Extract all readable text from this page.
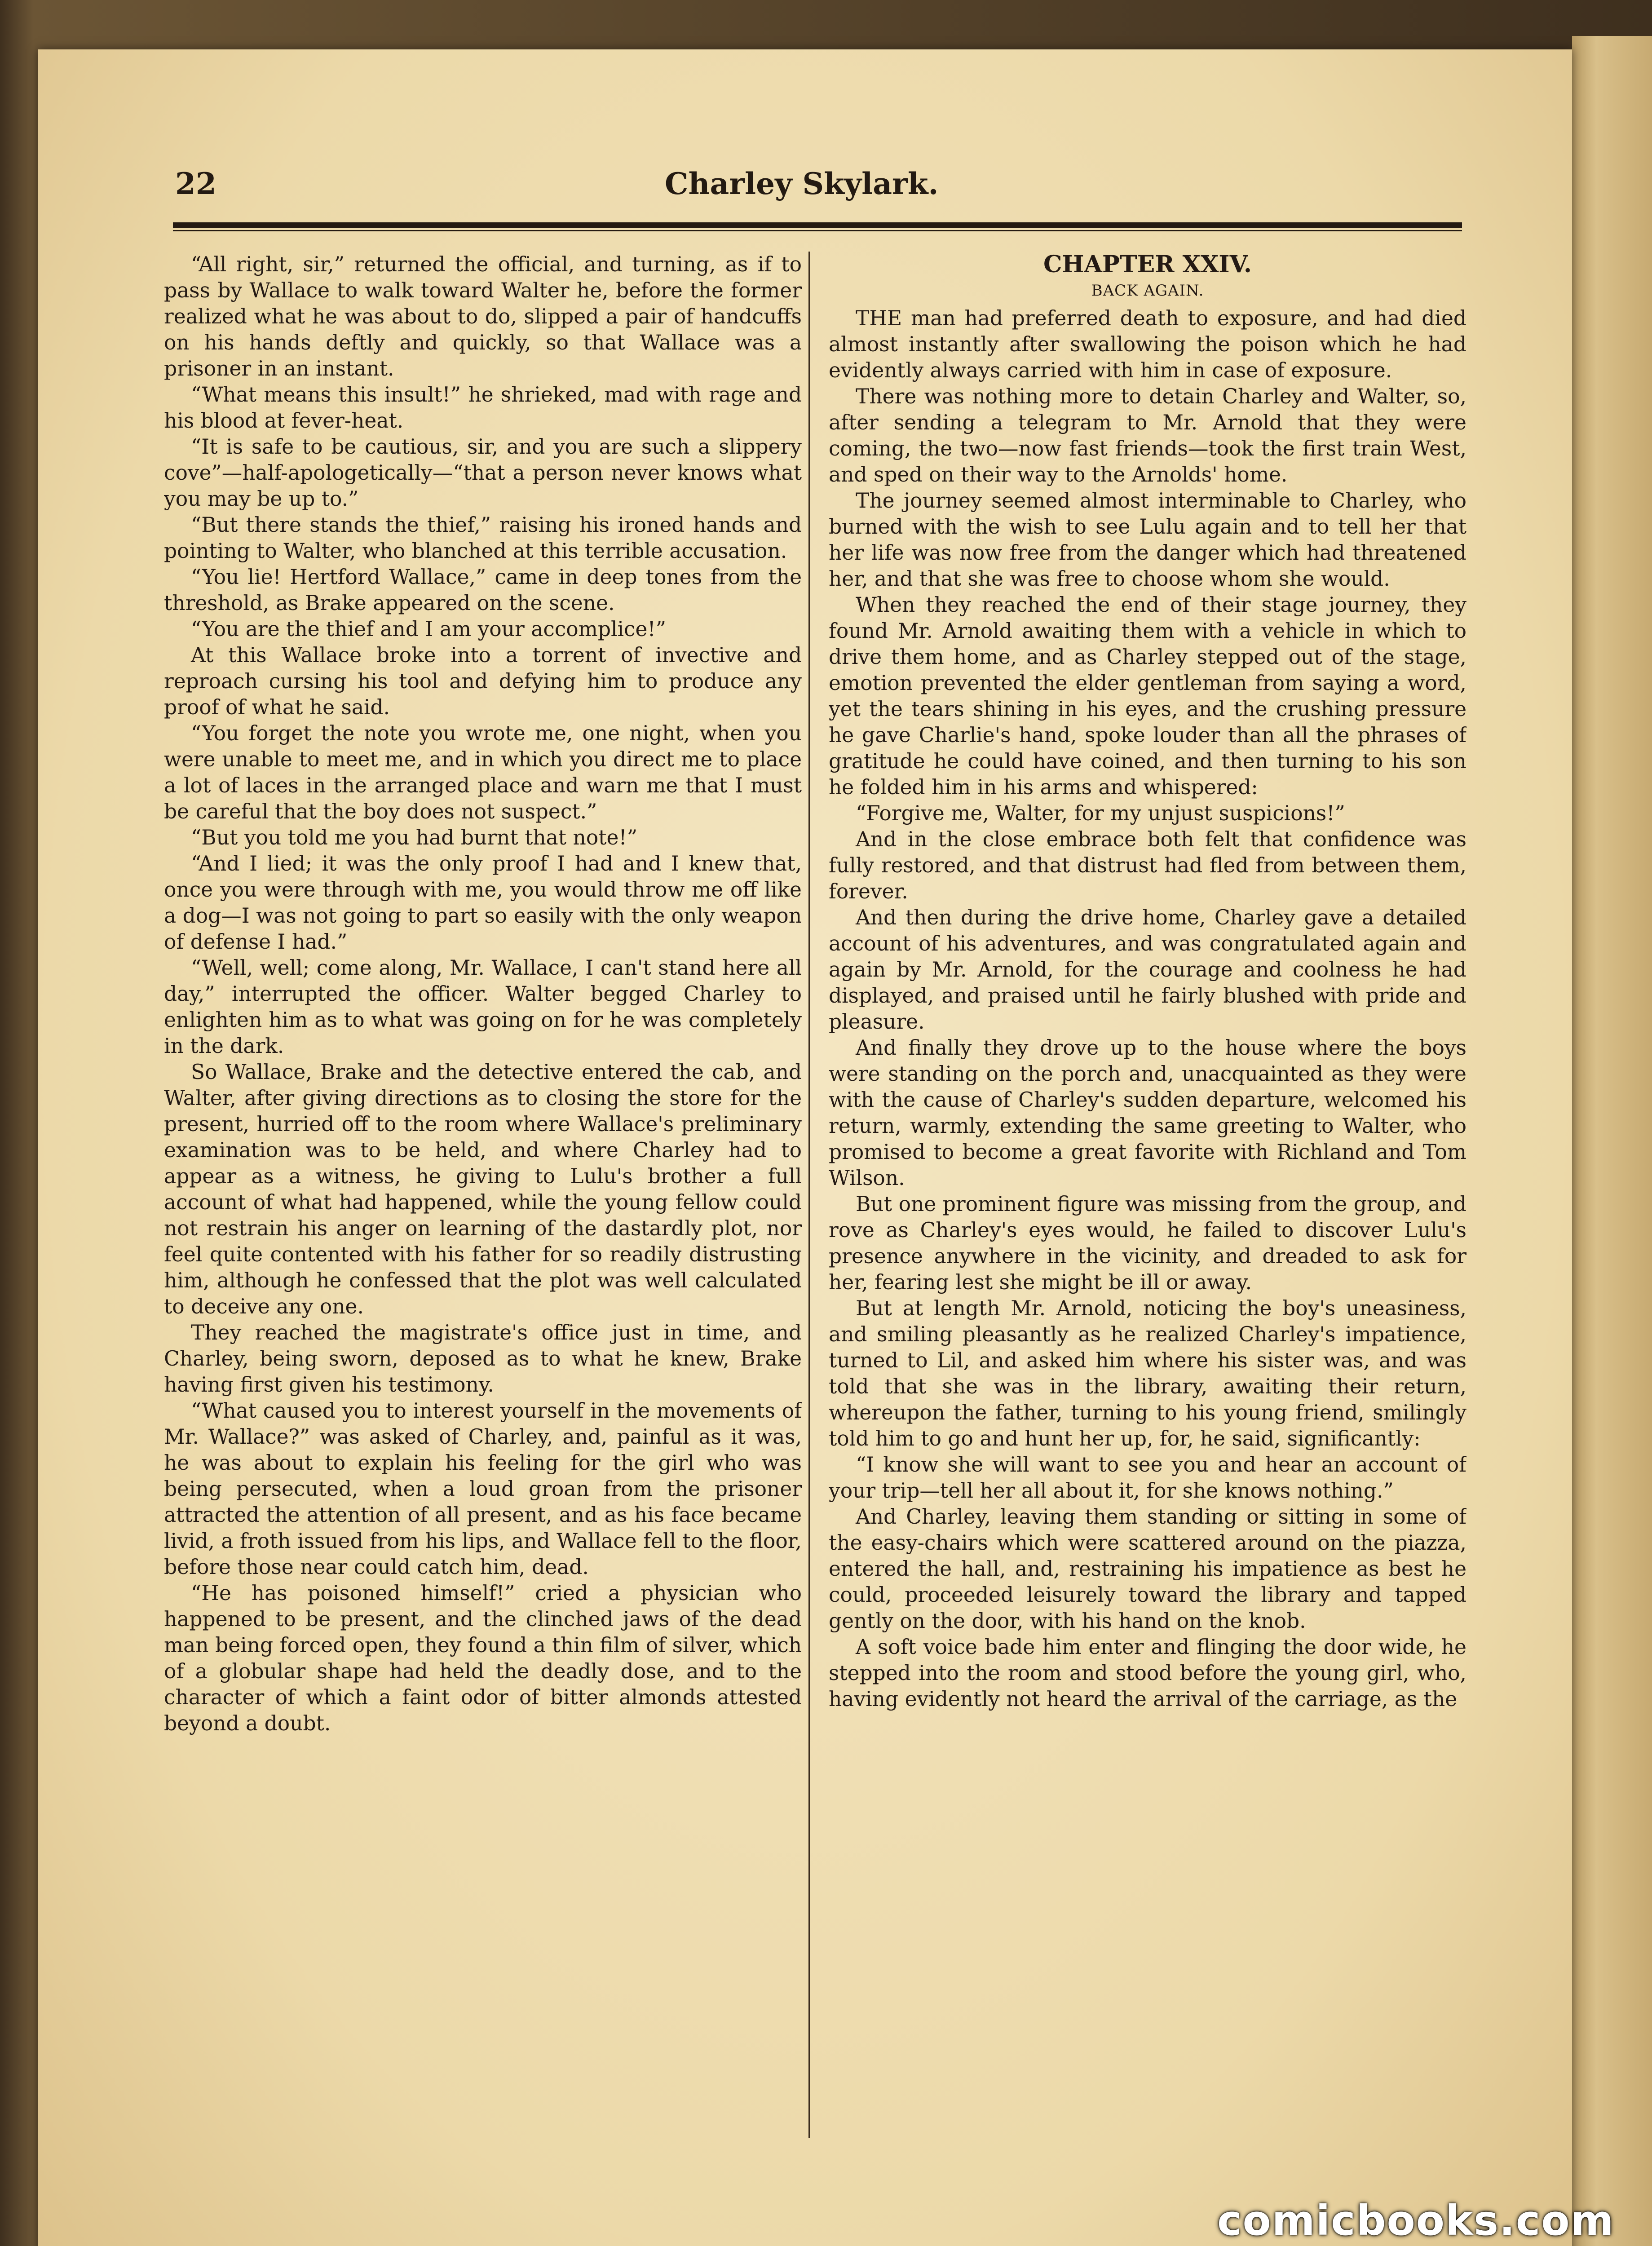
22	Charley Skylark.

“All right, sir,” returned the official, and turning, as if to pass by Wallace to walk toward Walter he, before the former realized what he was about to do, slipped a pair of handcuffs on his hands deftly and quickly, so that Wallace was a prisoner in an instant.

“What means this insult!” he shrieked, mad with rage and his blood at fever-heat.

“It is safe to be cautious, sir, and you are such a slippery cove”—half-apologetically—“that a person never knows what you may be up to.”

“But there stands the thief,” raising his ironed hands and pointing to Walter, who blanched at this terrible accusation.

“You lie! Hertford Wallace,” came in deep tones from the threshold, as Brake appeared on the scene.

“You are the thief and I am your accomplice!”

At this Wallace broke into a torrent of invective and reproach cursing his tool and defying him to produce any proof of what he said.

“You forget the note you wrote me, one night, when you were unable to meet me, and in which you direct me to place a lot of laces in the arranged place and warn me that I must be careful that the boy does not suspect.”

“But you told me you had burnt that note!”

“And I lied; it was the only proof I had and I knew that, once you were through with me, you would throw me off like a dog—I was not going to part so easily with the only weapon of defense I had.”

“Well, well; come along, Mr. Wallace, I can't stand here all day,” interrupted the officer. Walter begged Charley to enlighten him as to what was going on for he was completely in the dark.

So Wallace, Brake and the detective entered the cab, and Walter, after giving directions as to closing the store for the present, hurried off to the room where Wallace's preliminary examination was to be held, and where Charley had to appear as a witness, he giving to Lulu's brother a full account of what had happened, while the young fellow could not restrain his anger on learning of the dastardly plot, nor feel quite contented with his father for so readily distrusting him, although he confessed that the plot was well calculated to deceive any one.

They reached the magistrate's office just in time, and Charley, being sworn, deposed as to what he knew, Brake having first given his testimony.

“What caused you to interest yourself in the movements of Mr. Wallace?” was asked of Charley, and, painful as it was, he was about to explain his feeling for the girl who was being persecuted, when a loud groan from the prisoner attracted the attention of all present, and as his face became livid, a froth issued from his lips, and Wallace fell to the floor, before those near could catch him, dead.

“He has poisoned himself!” cried a physician who happened to be present, and the clinched jaws of the dead man being forced open, they found a thin film of silver, which of a globular shape had held the deadly dose, and to the character of which a faint odor of bitter almonds attested beyond a doubt.

CHAPTER XXIV.
BACK AGAIN.

THE man had preferred death to exposure, and had died almost instantly after swallowing the poison which he had evidently always carried with him in case of exposure.

There was nothing more to detain Charley and Walter, so, after sending a telegram to Mr. Arnold that they were coming, the two—now fast friends—took the first train West, and sped on their way to the Arnolds' home.

The journey seemed almost interminable to Charley, who burned with the wish to see Lulu again and to tell her that her life was now free from the danger which had threatened her, and that she was free to choose whom she would.

When they reached the end of their stage journey, they found Mr. Arnold awaiting them with a vehicle in which to drive them home, and as Charley stepped out of the stage, emotion prevented the elder gentleman from saying a word, yet the tears shining in his eyes, and the crushing pressure he gave Charlie's hand, spoke louder than all the phrases of gratitude he could have coined, and then turning to his son he folded him in his arms and whispered:

“Forgive me, Walter, for my unjust suspicions!”

And in the close embrace both felt that confidence was fully restored, and that distrust had fled from between them, forever.

And then during the drive home, Charley gave a detailed account of his adventures, and was congratulated again and again by Mr. Arnold, for the courage and coolness he had displayed, and praised until he fairly blushed with pride and pleasure.

And finally they drove up to the house where the boys were standing on the porch and, unacquainted as they were with the cause of Charley's sudden departure, welcomed his return, warmly, extending the same greeting to Walter, who promised to become a great favorite with Richland and Tom Wilson.

But one prominent figure was missing from the group, and rove as Charley's eyes would, he failed to discover Lulu's presence anywhere in the vicinity, and dreaded to ask for her, fearing lest she might be ill or away.

But at length Mr. Arnold, noticing the boy's uneasiness, and smiling pleasantly as he realized Charley's impatience, turned to Lil, and asked him where his sister was, and was told that she was in the library, awaiting their return, whereupon the father, turning to his young friend, smilingly told him to go and hunt her up, for, he said, significantly:

“I know she will want to see you and hear an account of your trip—tell her all about it, for she knows nothing.”

And Charley, leaving them standing or sitting in some of the easy-chairs which were scattered around on the piazza, entered the hall, and, restraining his impatience as best he could, proceeded leisurely toward the library and tapped gently on the door, with his hand on the knob.

A soft voice bade him enter and flinging the door wide, he stepped into the room and stood before the young girl, who, having evidently not heard the arrival of the carriage, as the

comicbooks.com
